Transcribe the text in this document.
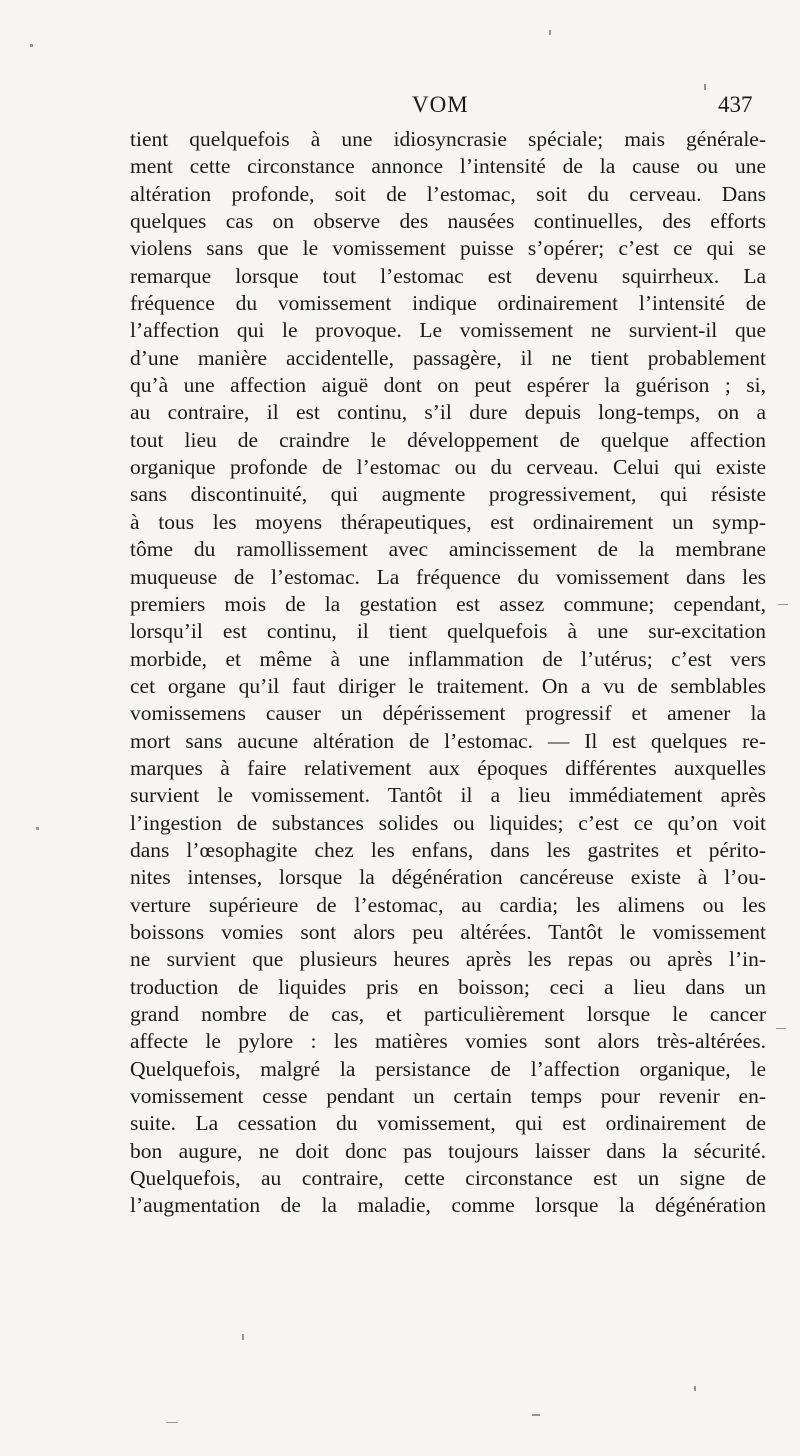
VOM	437
tient quelquefois à une idiosyncrasie spéciale; mais générale-
ment cette circonstance annonce l’intensité de la cause ou une
altération profonde, soit de l’estomac, soit du cerveau. Dans
quelques cas on observe des nausées continuelles, des efforts
violens sans que le vomissement puisse s’opérer; c’est ce qui se
remarque lorsque tout l’estomac est devenu squirrheux. La
fréquence du vomissement indique ordinairement l’intensité de
l’affection qui le provoque. Le vomissement ne survient-il que
d’une manière accidentelle, passagère, il ne tient probablement
qu’à une affection aiguë dont on peut espérer la guérison ; si,
au contraire, il est continu, s’il dure depuis long-temps, on a
tout lieu de craindre le développement de quelque affection
organique profonde de l’estomac ou du cerveau. Celui qui existe
sans discontinuité, qui augmente progressivement, qui résiste
à tous les moyens thérapeutiques, est ordinairement un symp-
tôme du ramollissement avec amincissement de la membrane
muqueuse de l’estomac. La fréquence du vomissement dans les
premiers mois de la gestation est assez commune; cependant,
lorsqu’il est continu, il tient quelquefois à une sur-excitation
morbide, et même à une inflammation de l’utérus; c’est vers
cet organe qu’il faut diriger le traitement. On a vu de semblables
vomissemens causer un dépérissement progressif et amener la
mort sans aucune altération de l’estomac. — Il est quelques re-
marques à faire relativement aux époques différentes auxquelles
survient le vomissement. Tantôt il a lieu immédiatement après
l’ingestion de substances solides ou liquides; c’est ce qu’on voit
dans l’œsophagite chez les enfans, dans les gastrites et périto-
nites intenses, lorsque la dégénération cancéreuse existe à l’ou-
verture supérieure de l’estomac, au cardia; les alimens ou les
boissons vomies sont alors peu altérées. Tantôt le vomissement
ne survient que plusieurs heures après les repas ou après l’in-
troduction de liquides pris en boisson; ceci a lieu dans un
grand nombre de cas, et particulièrement lorsque le cancer
affecte le pylore : les matières vomies sont alors très-altérées.
Quelquefois, malgré la persistance de l’affection organique, le
vomissement cesse pendant un certain temps pour revenir en-
suite. La cessation du vomissement, qui est ordinairement de
bon augure, ne doit donc pas toujours laisser dans la sécurité.
Quelquefois, au contraire, cette circonstance est un signe de
l’augmentation de la maladie, comme lorsque la dégénération
